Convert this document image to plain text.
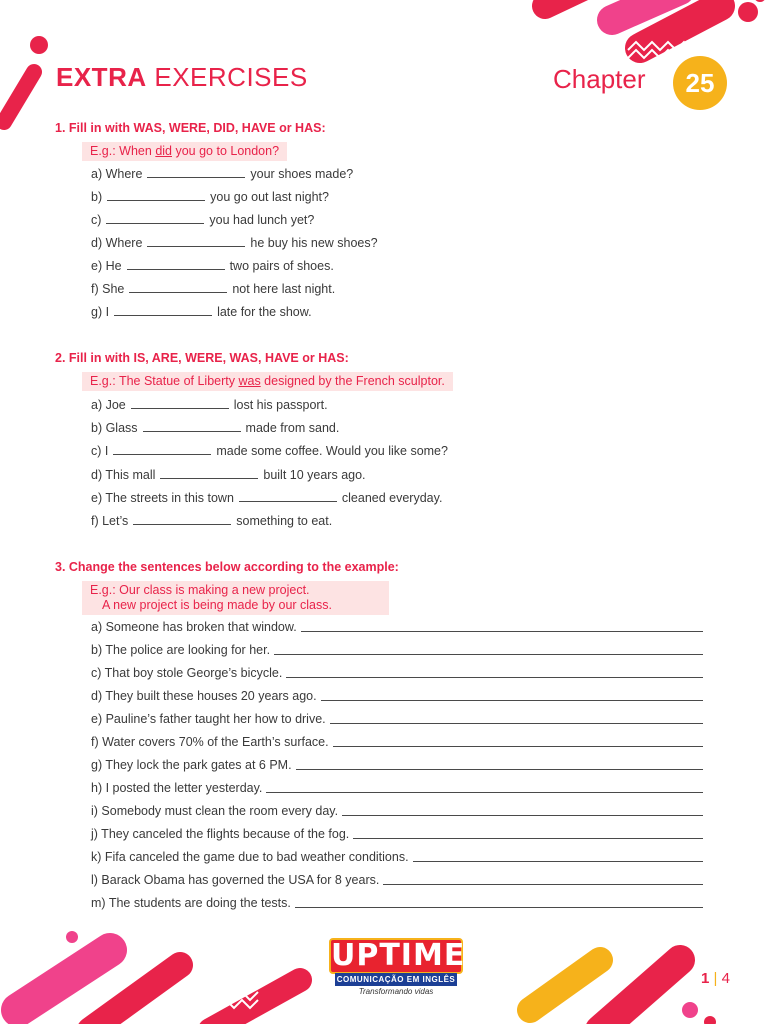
EXTRA EXERCISES	Chapter	25
1. Fill in with WAS, WERE, DID, HAVE or HAS:
E.g.: When did you go to London?
a) Where	your shoes made?
b)	you go out last night?
c)	you had lunch yet?
d) Where	he buy his new shoes?
e) He	two pairs of shoes.
f) She	not here last night.
g) I	late for the show.
2. Fill in with IS, ARE, WERE, WAS, HAVE or HAS:
E.g.: The Statue of Liberty was designed by the French sculptor.
a) Joe	lost his passport.
b) Glass	made from sand.
c) I	made some coffee. Would you like some?
d) This mall	built 10 years ago.
e) The streets in this town	cleaned everyday.
f) Let’s	something to eat.
3. Change the sentences below according to the example:
E.g.: Our class is making a new project.
A new project is being made by our class.
a) Someone has broken that window.
b) The police are looking for her.
c) That boy stole George’s bicycle.
d) They built these houses 20 years ago.
e) Pauline’s father taught her how to drive.
f) Water covers 70% of the Earth’s surface.
g) They lock the park gates at 6 PM.
h) I posted the letter yesterday.
i) Somebody must clean the room every day.
j) They canceled the flights because of the fog.
k) Fifa canceled the game due to bad weather conditions.
l) Barack Obama has governed the USA for 8 years.
m) The students are doing the tests.
UPTIME
COMUNICAÇÃO EM INGLÊS
Transformando vidas
1 | 4
